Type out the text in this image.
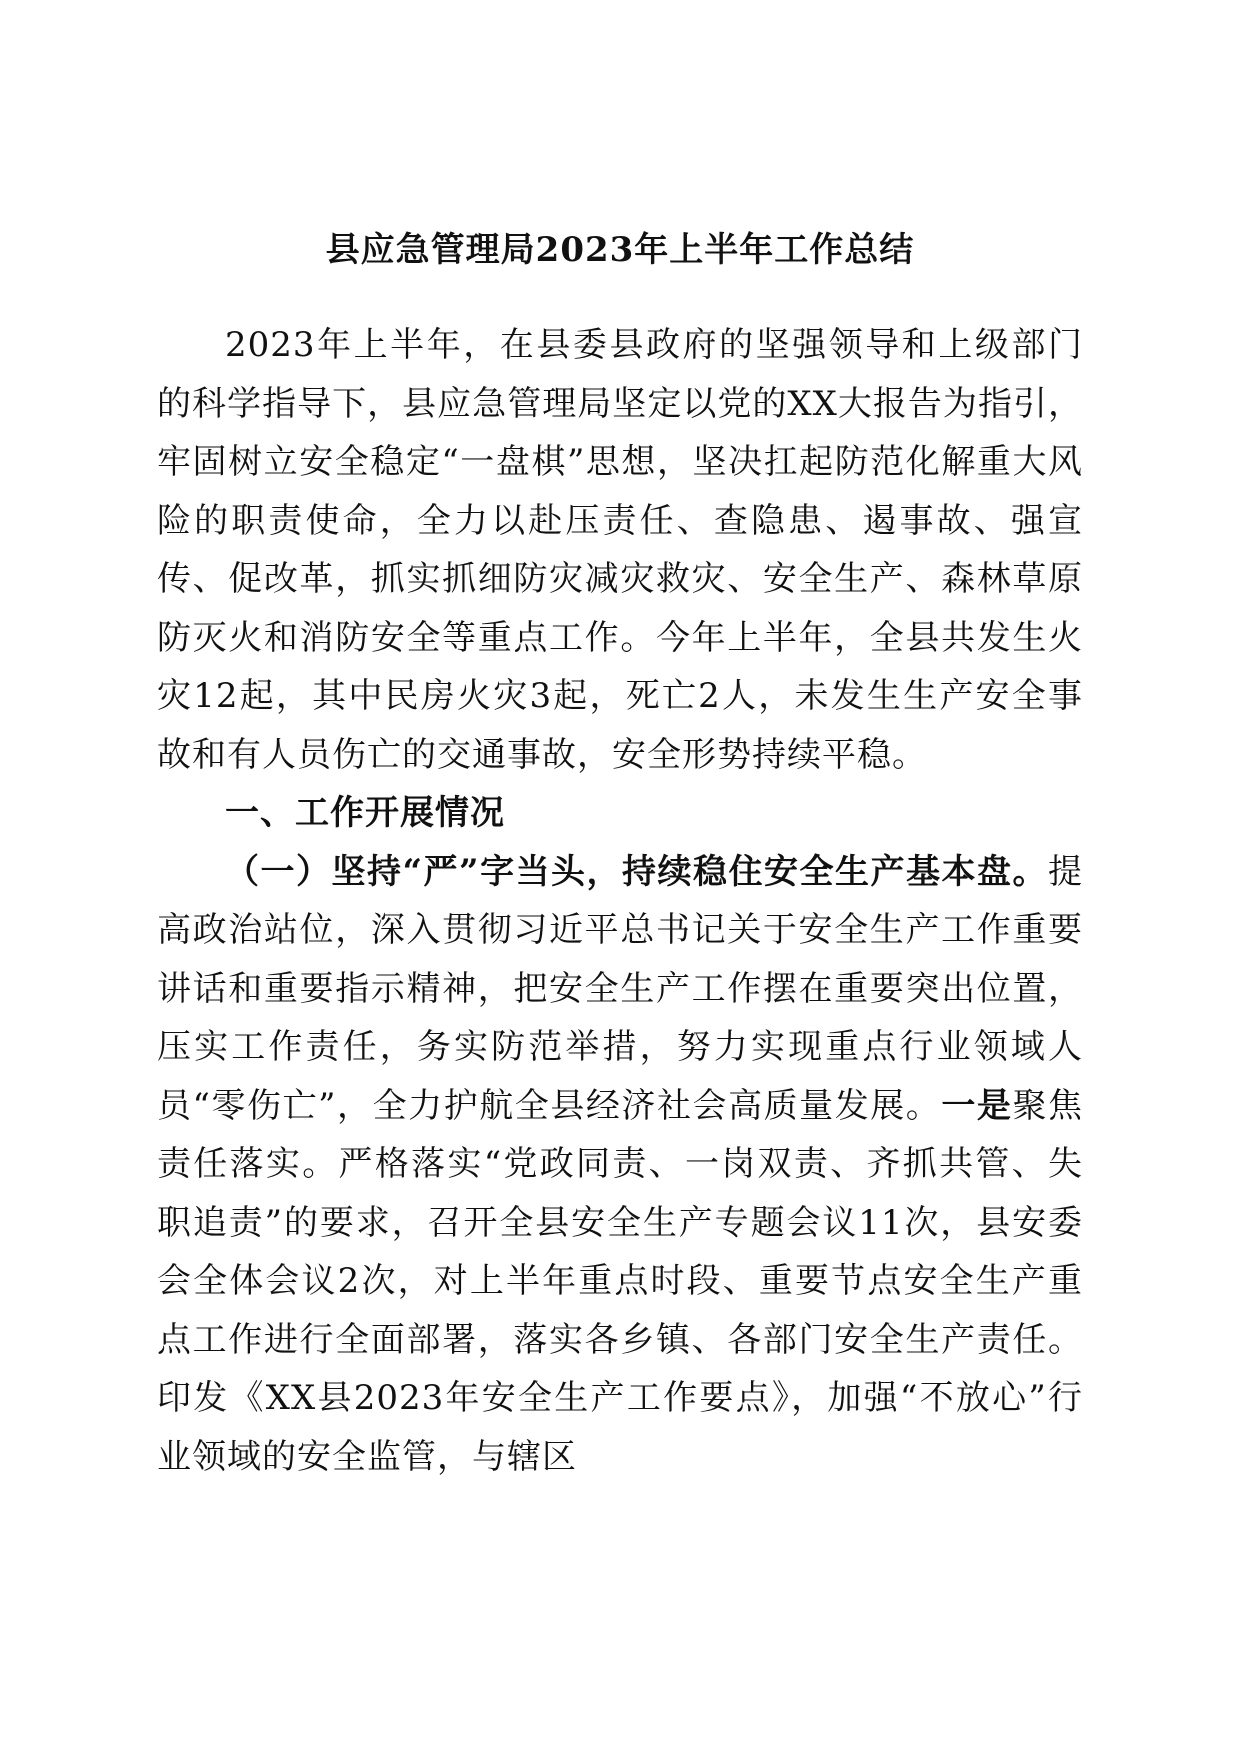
县应急管理局2023年上半年工作总结

2023年上半年，在县委县政府的坚强领导和上级部门的科学指导下，县应急管理局坚定以党的XX大报告为指引，牢固树立安全稳定“一盘棋”思想，坚决扛起防范化解重大风险的职责使命，全力以赴压责任、查隐患、遏事故、强宣传、促改革，抓实抓细防灾减灾救灾、安全生产、森林草原防灭火和消防安全等重点工作。今年上半年，全县共发生火灾12起，其中民房火灾3起，死亡2人，未发生生产安全事故和有人员伤亡的交通事故，安全形势持续平稳。

一、工作开展情况

（一）坚持“严”字当头，持续稳住安全生产基本盘。提高政治站位，深入贯彻习近平总书记关于安全生产工作重要讲话和重要指示精神，把安全生产工作摆在重要突出位置，压实工作责任，务实防范举措，努力实现重点行业领域人员“零伤亡”，全力护航全县经济社会高质量发展。一是聚焦责任落实。严格落实“党政同责、一岗双责、齐抓共管、失职追责”的要求，召开全县安全生产专题会议11次，县安委会全体会议2次，对上半年重点时段、重要节点安全生产重点工作进行全面部署，落实各乡镇、各部门安全生产责任。印发《XX县2023年安全生产工作要点》，加强“不放心”行业领域的安全监管，与辖区
